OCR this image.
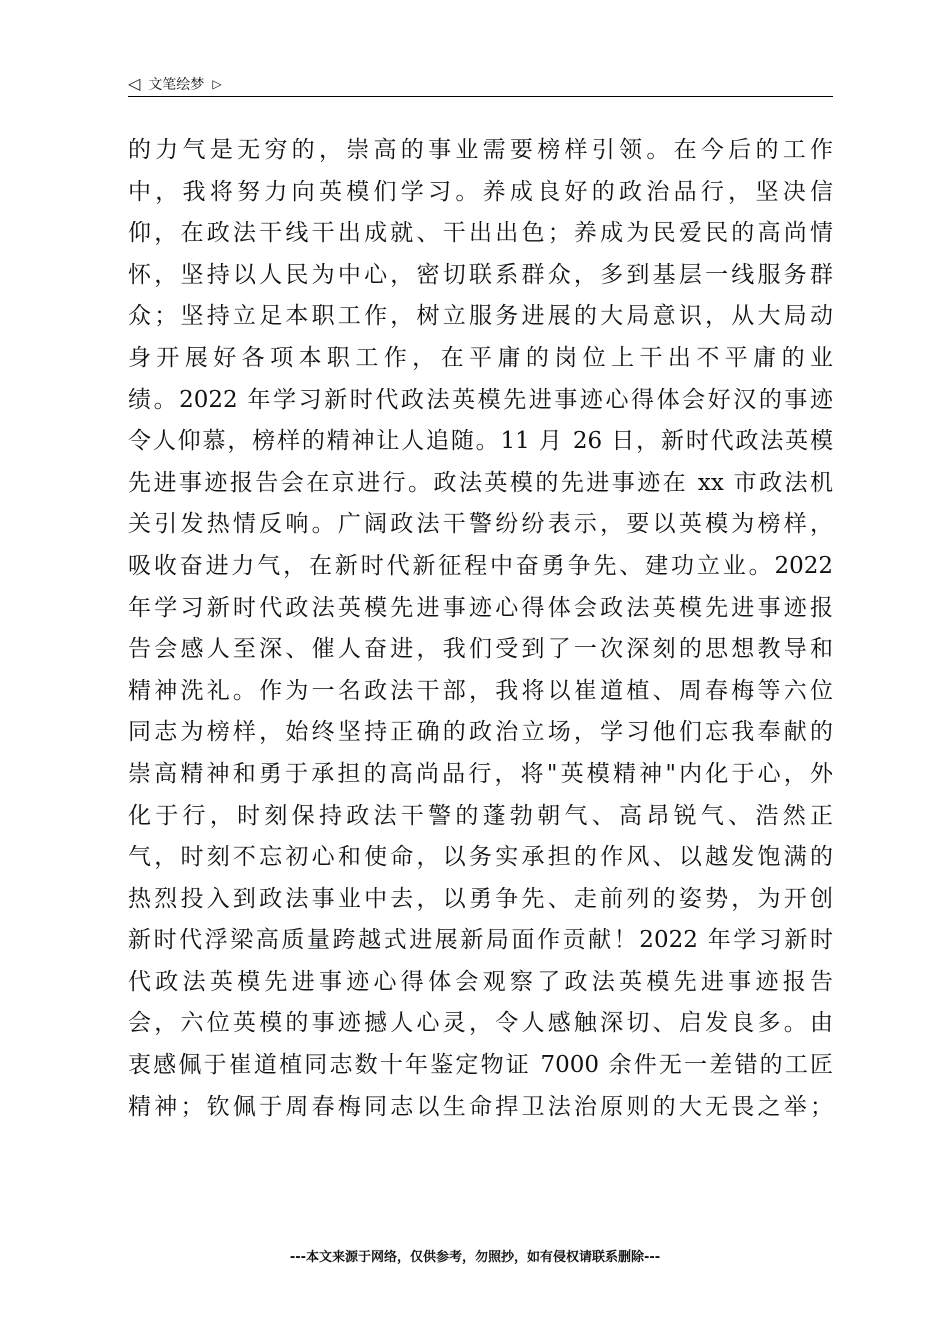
◁ 文笔绘梦 ▷
的力气是无穷的，崇高的事业需要榜样引领。在今后的工作
中，我将努力向英模们学习。养成良好的政治品行，坚决信
仰，在政法干线干出成就、干出出色；养成为民爱民的高尚情
怀，坚持以人民为中心，密切联系群众，多到基层一线服务群
众；坚持立足本职工作，树立服务进展的大局意识，从大局动
身开展好各项本职工作，在平庸的岗位上干出不平庸的业
绩。2022 年学习新时代政法英模先进事迹心得体会好汉的事迹
令人仰慕，榜样的精神让人追随。11 月 26 日，新时代政法英模
先进事迹报告会在京进行。政法英模的先进事迹在 xx 市政法机
关引发热情反响。广阔政法干警纷纷表示，要以英模为榜样，
吸收奋进力气，在新时代新征程中奋勇争先、建功立业。2022
年学习新时代政法英模先进事迹心得体会政法英模先进事迹报
告会感人至深、催人奋进，我们受到了一次深刻的思想教导和
精神洗礼。作为一名政法干部，我将以崔道植、周春梅等六位
同志为榜样，始终坚持正确的政治立场，学习他们忘我奉献的
崇高精神和勇于承担的高尚品行，将"英模精神"内化于心，外
化于行，时刻保持政法干警的蓬勃朝气、高昂锐气、浩然正
气，时刻不忘初心和使命，以务实承担的作风、以越发饱满的
热烈投入到政法事业中去，以勇争先、走前列的姿势，为开创
新时代浮梁高质量跨越式进展新局面作贡献！2022 年学习新时
代政法英模先进事迹心得体会观察了政法英模先进事迹报告
会，六位英模的事迹撼人心灵，令人感触深切、启发良多。由
衷感佩于崔道植同志数十年鉴定物证 7000 余件无一差错的工匠
精神；钦佩于周春梅同志以生命捍卫法治原则的大无畏之举；
---本文来源于网络，仅供参考，勿照抄，如有侵权请联系删除---
